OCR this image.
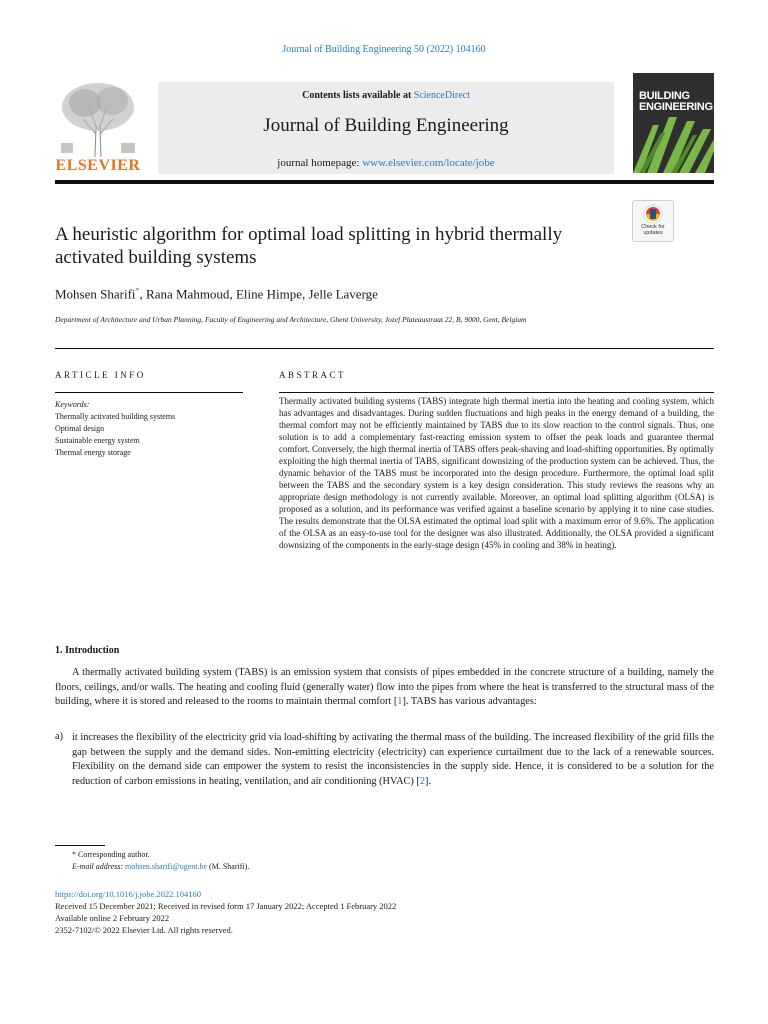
Journal of Building Engineering 50 (2022) 104160
ELSEVIER
Contents lists available at ScienceDirect
Journal of Building Engineering
journal homepage: www.elsevier.com/locate/jobe
BUILDING
ENGINEERING
Check for
updates
A heuristic algorithm for optimal load splitting in hybrid thermally activated building systems
Mohsen Sharifi*, Rana Mahmoud, Eline Himpe, Jelle Laverge
Department of Architecture and Urban Planning, Faculty of Engineering and Architecture, Ghent University, Jozef Plateaustraat 22, B, 9000, Gent, Belgium
ARTICLE INFO	ABSTRACT
Keywords:
Thermally activated building systems
Optimal design
Sustainable energy system
Thermal energy storage

Thermally activated building systems (TABS) integrate high thermal inertia into the heating and cooling system, which has advantages and disadvantages. During sudden fluctuations and high peaks in the energy demand of a building, the thermal comfort may not be efficiently maintained by TABS due to its slow reaction to the control signals. Thus, one solution is to add a complementary fast-reacting emission system to offset the peak loads and guarantee thermal comfort. Conversely, the high thermal inertia of TABS offers peak-shaving and load-shifting opportunities. By optimally exploiting the high thermal inertia of TABS, significant downsizing of the production system can be achieved. Thus, the dynamic behavior of the TABS must be incorporated into the design procedure. Furthermore, the optimal load split between the TABS and the secondary system is a key design consideration. This study reviews the reasons why an appropriate design methodology is not currently available. Moreover, an optimal load splitting algorithm (OLSA) is proposed as a solution, and its performance was verified against a baseline scenario by applying it to nine case studies. The results demonstrate that the OLSA estimated the optimal load split with a maximum error of 9.6%. The application of the OLSA as an easy-to-use tool for the designer was also illustrated. Additionally, the OLSA provided a significant downsizing of the components in the early-stage design (45% in cooling and 38% in heating).

1. Introduction

A thermally activated building system (TABS) is an emission system that consists of pipes embedded in the concrete structure of a building, namely the floors, ceilings, and/or walls. The heating and cooling fluid (generally water) flow into the pipes from where the heat is transferred to the structural mass of the building, where it is stored and released to the rooms to maintain thermal comfort [1]. TABS has various advantages:

a) it increases the flexibility of the electricity grid via load-shifting by activating the thermal mass of the building. The increased flexibility of the grid fills the gap between the supply and the demand sides. Non-emitting electricity (electricity) can experience curtailment due to the lack of a renewable sources. Flexibility on the demand side can empower the system to resist the inconsistencies in the supply side. Hence, it is considered to be a solution for the reduction of carbon emissions in heating, ventilation, and air conditioning (HVAC) [2].

* Corresponding author.
E-mail address: mohsen.sharifi@ugent.be (M. Sharifi).
https://doi.org/10.1016/j.jobe.2022.104160
Received 15 December 2021; Received in revised form 17 January 2022; Accepted 1 February 2022
Available online 2 February 2022
2352-7102/© 2022 Elsevier Ltd. All rights reserved.
